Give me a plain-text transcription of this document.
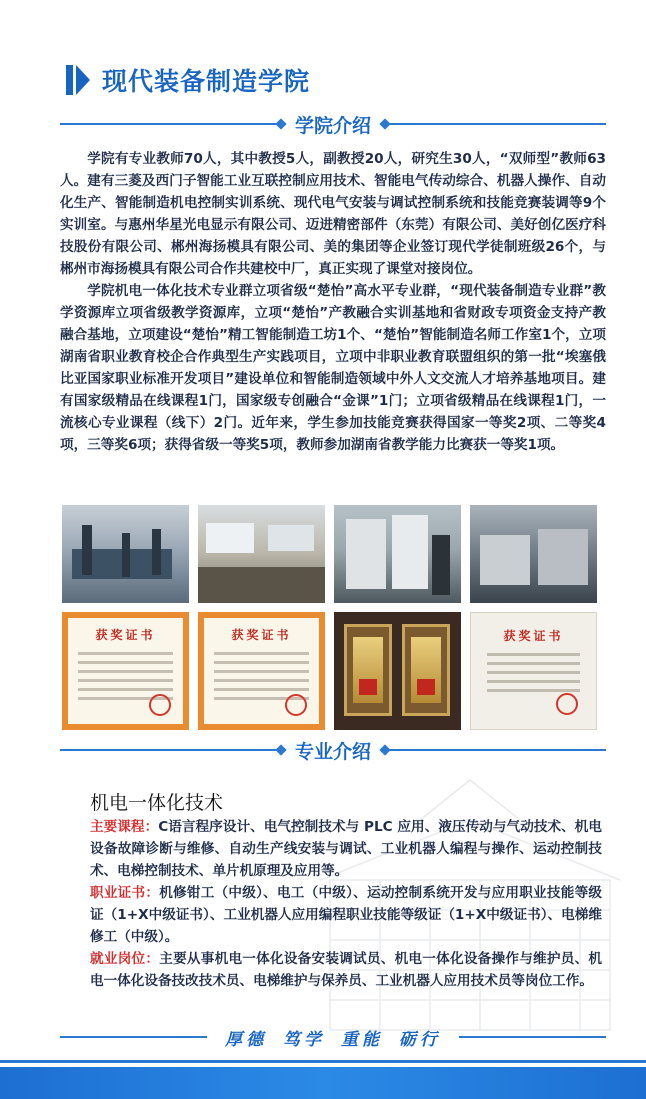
现代装备制造学院
学院介绍

学院有专业教师70人，其中教授5人，副教授20人，研究生30人，“双师型”教师63人。建有三菱及西门子智能工业互联控制应用技术、智能电气传动综合、机器人操作、自动化生产、智能制造机电控制实训系统、现代电气安装与调试控制系统和技能竞赛装调等9个实训室。与惠州华星光电显示有限公司、迈进精密部件（东莞）有限公司、美好创亿医疗科技股份有限公司、郴州海扬模具有限公司、美的集团等企业签订现代学徒制班级26个，与郴州市海扬模具有限公司合作共建校中厂，真正实现了课堂对接岗位。

学院机电一体化技术专业群立项省级“楚怡”高水平专业群，“现代装备制造专业群”教学资源库立项省级教学资源库，立项“楚怡”产教融合实训基地和省财政专项资金支持产教融合基地，立项建设“楚怡”精工智能制造工坊1个、“楚怡”智能制造名师工作室1个，立项湖南省职业教育校企合作典型生产实践项目，立项中非职业教育联盟组织的第一批“埃塞俄比亚国家职业标准开发项目”建设单位和智能制造领域中外人文交流人才培养基地项目。建有国家级精品在线课程1门，国家级专创融合“金课”1门；立项省级精品在线课程1门，一流核心专业课程（线下）2门。近年来，学生参加技能竞赛获得国家一等奖2项、二等奖4项，三等奖6项；获得省级一等奖5项，教师参加湖南省教学能力比赛获一等奖1项。

获奖证书	获奖证书	获奖证书
专业介绍
机电一体化技术

主要课程：C语言程序设计、电气控制技术与 PLC 应用、液压传动与气动技术、机电设备故障诊断与维修、自动生产线安装与调试、工业机器人编程与操作、运动控制技术、电梯控制技术、单片机原理及应用等。

职业证书：机修钳工（中级）、电工（中级）、运动控制系统开发与应用职业技能等级证（1+X中级证书）、工业机器人应用编程职业技能等级证（1+X中级证书）、电梯维修工（中级）。

就业岗位：主要从事机电一体化设备安装调试员、机电一体化设备操作与维护员、机电一体化设备技改技术员、电梯维护与保养员、工业机器人应用技术员等岗位工作。

厚德 笃学 重能 砺行
